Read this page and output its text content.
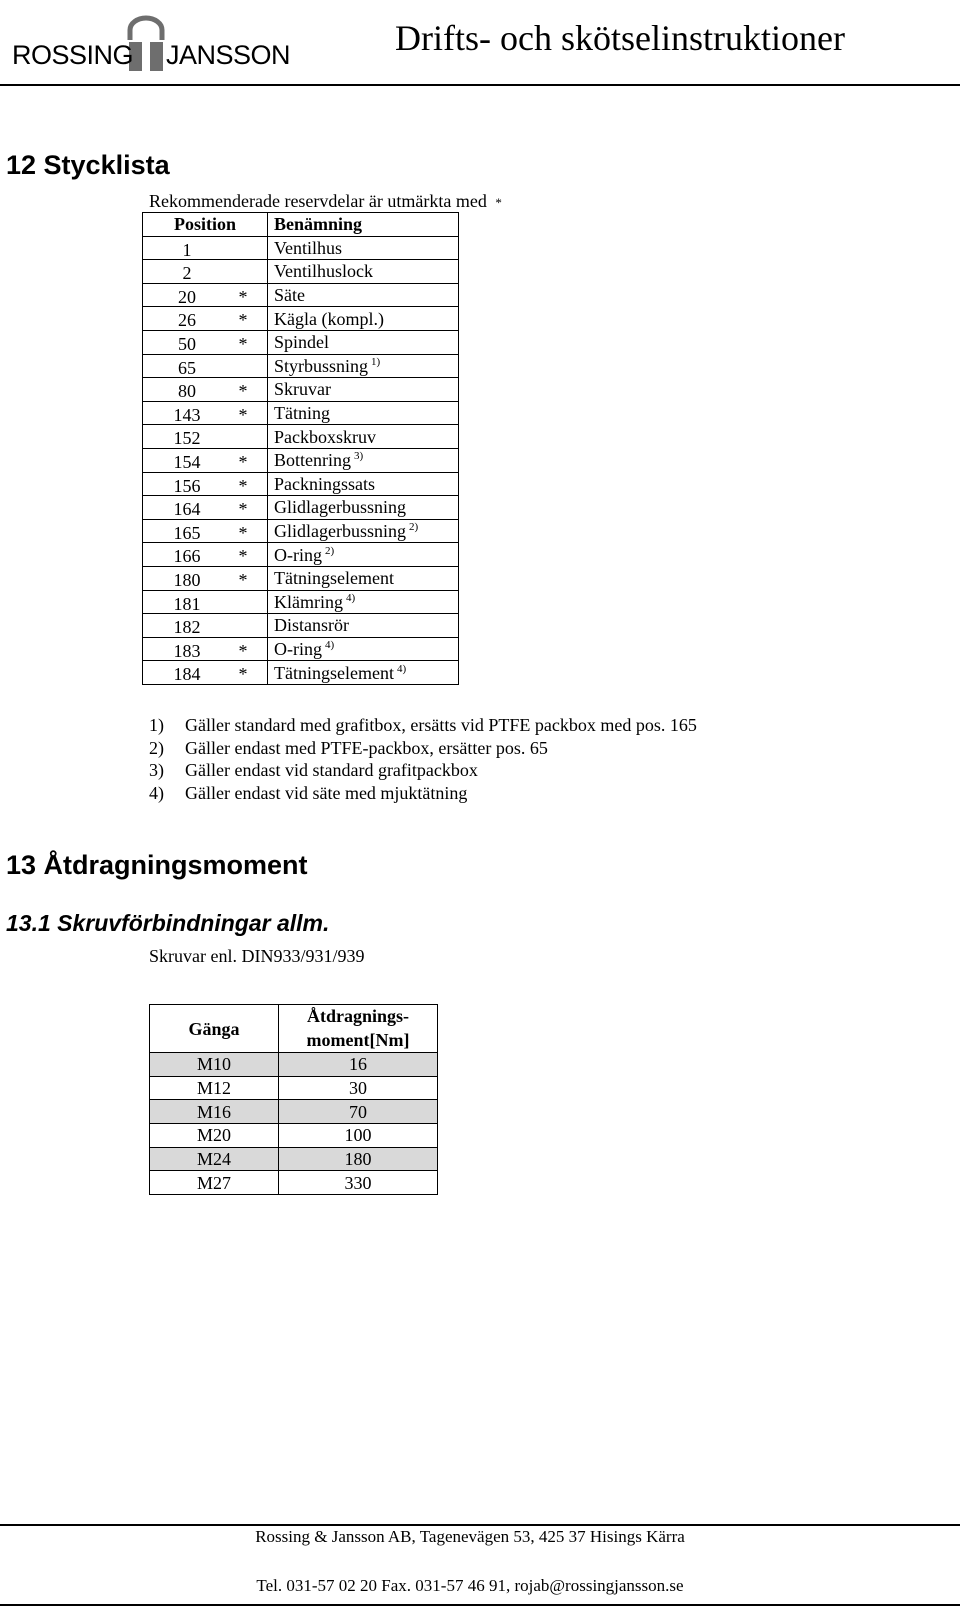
ROSSING JANSSON	Drifts- och skötselinstruktioner
12 Stycklista
Rekommenderade reservdelar är utmärkta med *
Position	Benämning

1	Ventilhus

2	Ventilhuslock

20 *	Säte

26 *	Kägla (kompl.)

50 *	Spindel

65	Styrbussning $^{1)}$

80 *	Skruvar

143 *	Tätning

152	Packboxskruv

154 *	Bottenring $^{3)}$

156 *	Packningssats

164 *	Glidlagerbussning

165 *	Glidlagerbussning $^{2)}$

166 *	O-ring $^{2)}$

180 *	Tätningselement

181	Klämring $^{4)}$

182	Distansrör

183 *	O-ring $^{4)}$

184 *	Tätningselement $^{4)}$
1) Gäller standard med grafitbox, ersätts vid PTFE packbox med pos. 165
2) Gäller endast med PTFE-packbox, ersätter pos. 65
3) Gäller endast vid standard grafitpackbox
4) Gäller endast vid säte med mjuktätning
13 Åtdragningsmoment
13.1 Skruvförbindningar allm.
Skruvar enl. DIN933/931/939
Gänga	Åtdragnings-
moment[Nm]

M10	16
M12	30
M16	70
M20	100
M24	180
M27	330
Rossing & Jansson AB, Tagenevägen 53, 425 37 Hisings Kärra
Tel. 031-57 02 20 Fax. 031-57 46 91, rojab@rossingjansson.se
